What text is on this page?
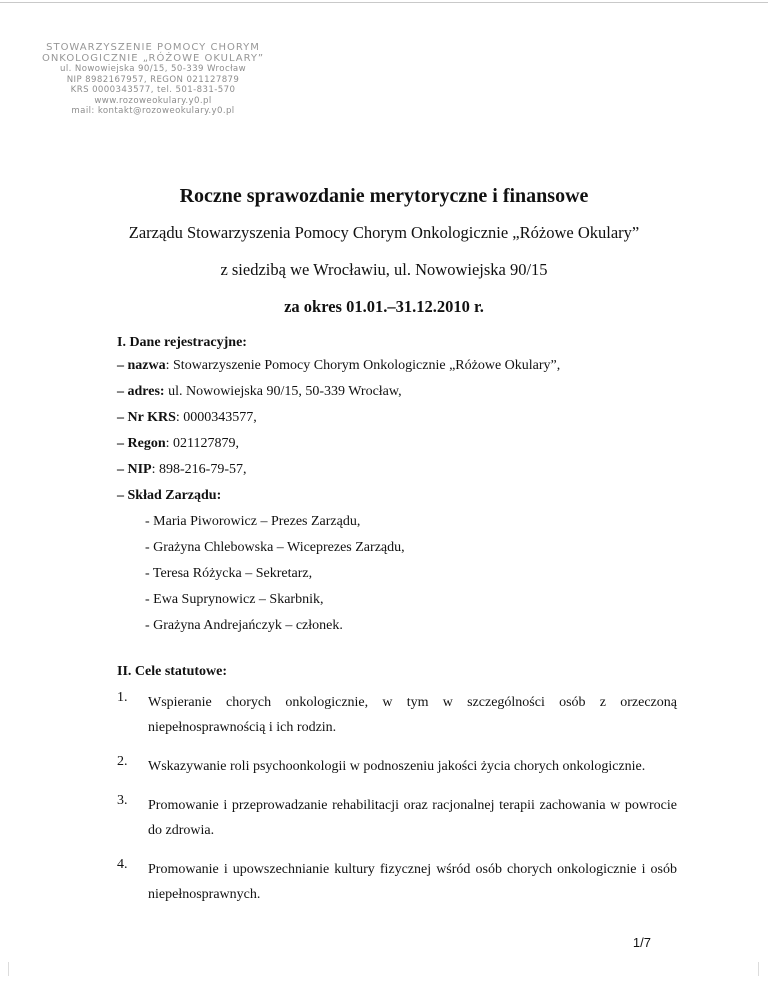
STOWARZYSZENIE POMOCY CHORYM
ONKOLOGICZNIE „RÓŻOWE OKULARY”
ul. Nowowiejska 90/15, 50-339 Wrocław
NIP 8982167957, REGON 021127879
KRS 0000343577, tel. 501-831-570
www.rozoweokulary.y0.pl
mail: kontakt@rozoweokulary.y0.pl
Roczne sprawozdanie merytoryczne i finansowe
Zarządu Stowarzyszenia Pomocy Chorym Onkologicznie „Różowe Okulary”
z siedzibą we Wrocławiu, ul. Nowowiejska 90/15
za okres 01.01.–31.12.2010 r.
I. Dane rejestracyjne:
– nazwa: Stowarzyszenie Pomocy Chorym Onkologicznie „Różowe Okulary”,
– adres: ul. Nowowiejska 90/15, 50-339 Wrocław,
– Nr KRS: 0000343577,
– Regon: 021127879,
– NIP: 898-216-79-57,
– Skład Zarządu:
- Maria Piworowicz – Prezes Zarządu,
- Grażyna Chlebowska – Wiceprezes Zarządu,
- Teresa Różycka – Sekretarz,
- Ewa Suprynowicz – Skarbnik,
- Grażyna Andrejańczyk – członek.
II. Cele statutowe:
1. Wspieranie chorych onkologicznie, w tym w szczególności osób z orzeczoną niepełnosprawnością i ich rodzin.
2. Wskazywanie roli psychoonkologii w podnoszeniu jakości życia chorych onkologicznie.
3. Promowanie i przeprowadzanie rehabilitacji oraz racjonalnej terapii zachowania w powrocie do zdrowia.
4. Promowanie i upowszechnianie kultury fizycznej wśród osób chorych onkologicznie i osób niepełnosprawnych.
1/7
